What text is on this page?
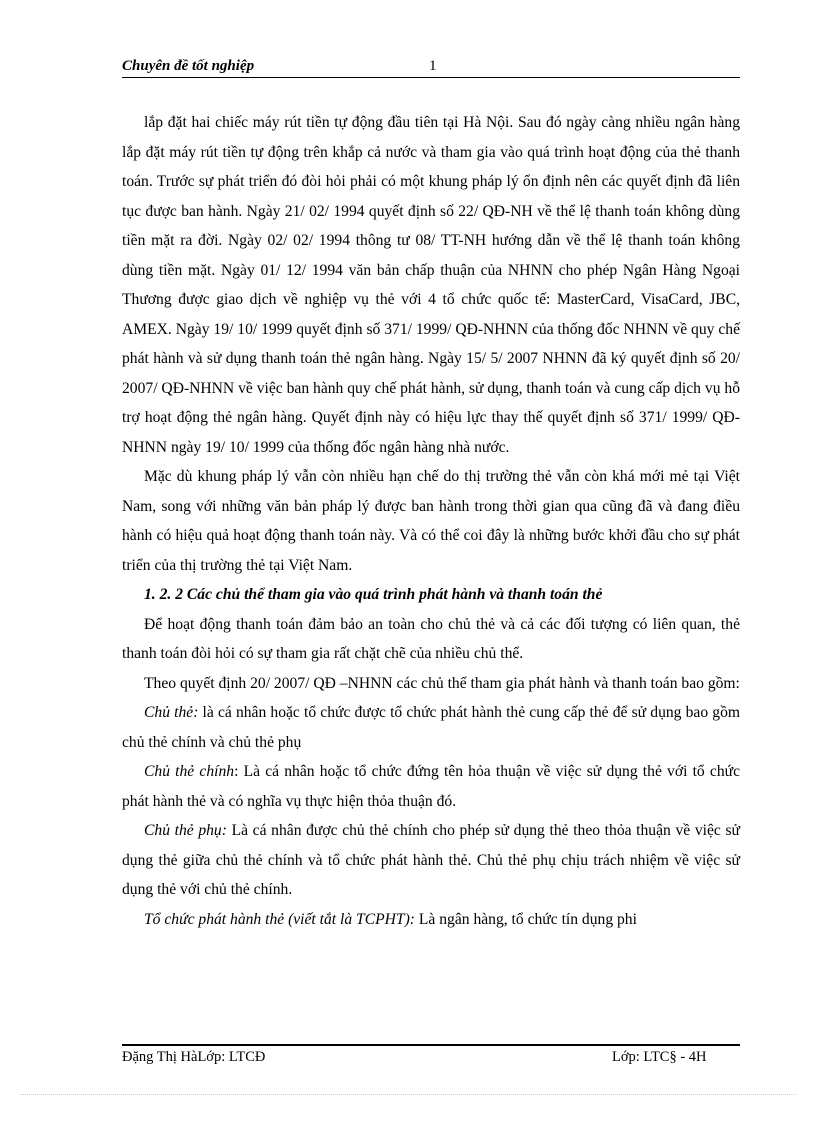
Chuyên đề tốt nghiệp	1

lắp đặt hai chiếc máy rút tiền tự động đầu tiên tại Hà Nội. Sau đó ngày càng nhiều ngân hàng lắp đặt máy rút tiền tự động trên khắp cả nước và tham gia vào quá trình hoạt động của thẻ thanh toán. Trước sự phát triển đó đòi hỏi phải có một khung pháp lý ổn định nên các quyết định đã liên tục được ban hành. Ngày 21/ 02/ 1994 quyết định số 22/ QĐ-NH về thể lệ thanh toán không dùng tiền mặt ra đời. Ngày 02/ 02/ 1994 thông tư 08/ TT-NH hướng dẫn về thể lệ thanh toán không dùng tiền mặt. Ngày 01/ 12/ 1994 văn bản chấp thuận của NHNN cho phép Ngân Hàng Ngoại Thương được giao dịch về nghiệp vụ thẻ với 4 tổ chức quốc tế: MasterCard, VisaCard, JBC, AMEX. Ngày 19/ 10/ 1999 quyết định số 371/ 1999/ QĐ-NHNN của thống đốc NHNN về quy chế phát hành và sử dụng thanh toán thẻ ngân hàng. Ngày 15/ 5/ 2007 NHNN đã ký quyết định số 20/ 2007/ QĐ-NHNN về việc ban hành quy chế phát hành, sử dụng, thanh toán và cung cấp dịch vụ hỗ trợ hoạt động thẻ ngân hàng. Quyết định này có hiệu lực thay thế quyết định số 371/ 1999/ QĐ-NHNN ngày 19/ 10/ 1999 của thống đốc ngân hàng nhà nước.

Mặc dù khung pháp lý vẫn còn nhiều hạn chế do thị trường thẻ vẫn còn khá mới mẻ tại Việt Nam, song với những văn bản pháp lý được ban hành trong thời gian qua cũng đã và đang điều hành có hiệu quả hoạt động thanh toán này. Và có thể coi đây là những bước khởi đầu cho sự phát triển của thị trường thẻ tại Việt Nam.

1. 2. 2 Các chủ thể tham gia vào quá trình phát hành và thanh toán thẻ

Để hoạt động thanh toán đảm bảo an toàn cho chủ thẻ và cả các đối tượng có liên quan, thẻ thanh toán đòi hỏi có sự tham gia rất chặt chẽ của nhiều chủ thể.

Theo quyết định 20/ 2007/ QĐ –NHNN các chủ thể tham gia phát hành và thanh toán bao gồm:

Chủ thẻ: là cá nhân hoặc tổ chức được tổ chức phát hành thẻ cung cấp thẻ để sử dụng bao gồm chủ thẻ chính và chủ thẻ phụ

Chủ thẻ chính: Là cá nhân hoặc tổ chức đứng tên hỏa thuận về việc sử dụng thẻ với tổ chức phát hành thẻ và có nghĩa vụ thực hiện thỏa thuận đó.

Chủ thẻ phụ: Là cá nhân được chủ thẻ chính cho phép sử dụng thẻ theo thỏa thuận về việc sử dụng thẻ giữa chủ thẻ chính và tổ chức phát hành thẻ. Chủ thẻ phụ chịu trách nhiệm về việc sử dụng thẻ với chủ thẻ chính.

Tổ chức phát hành thẻ (viết tắt là TCPHT): Là ngân hàng, tổ chức tín dụng phi

Đặng Thị HàLớp: LTCĐ	Lớp: LTC§ - 4H
